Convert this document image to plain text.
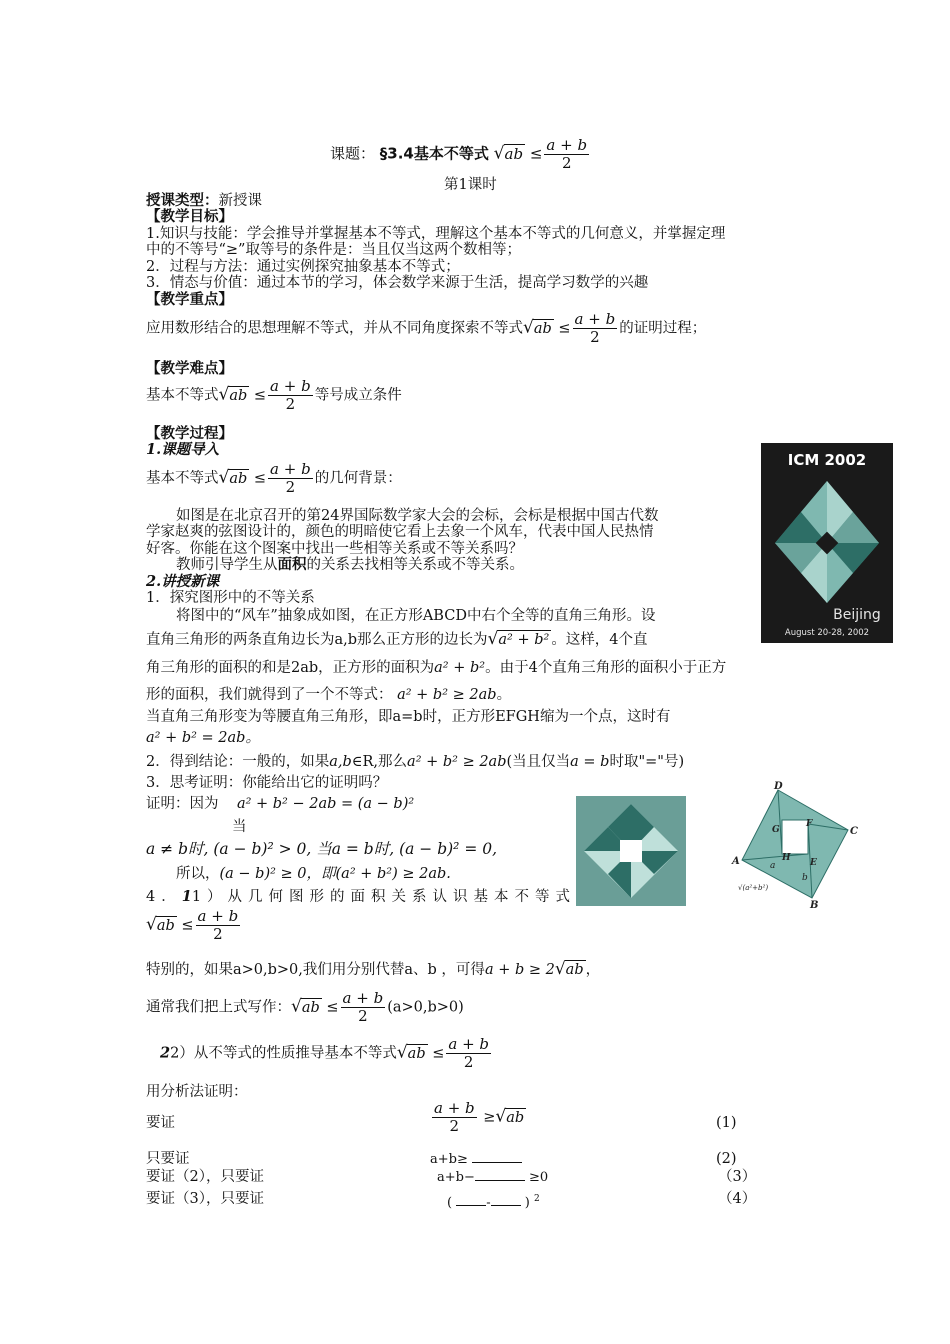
课题： §3.4基本不等式 $√ab \le \frac{a + b}{2}$
第1课时
授课类型：新授课
【教学目标】
1.知识与技能：学会推导并掌握基本不等式，理解这个基本不等式的几何意义，并掌握定理
中的不等号“≥”取等号的条件是：当且仅当这两个数相等；
2．过程与方法：通过实例探究抽象基本不等式；
3．情态与价值：通过本节的学习，体会数学来源于生活，提高学习数学的兴趣
【教学重点】
应用数形结合的思想理解不等式，并从不同角度探索不等式$√ab \le \frac{a + b}{2}$ 的证明过程；
【教学难点】
基本不等式$√ab \le \frac{a + b}{2}$ 等号成立条件
【教学过程】
1.课题导入
基本不等式$√ab \le \frac{a + b}{2}$ 的几何背景：
如图是在北京召开的第24界国际数学家大会的会标，会标是根据中国古代数
学家赵爽的弦图设计的，颜色的明暗使它看上去象一个风车，代表中国人民热情
好客。你能在这个图案中找出一些相等关系或不等关系吗？
教师引导学生从面积的关系去找相等关系或不等关系。
2.讲授新课
1．探究图形中的不等关系
将图中的“风车”抽象成如图，在正方形ABCD中右个全等的直角三角形。设
直角三角形的两条直角边长为a,b那么正方形的边长为√a² + b² 。这样，4个直
角三角形的面积的和是2ab，正方形的面积为a² + b²。由于4个直角三角形的面积小于正方
形的面积，我们就得到了一个不等式： a² + b² ≥ 2ab。
当直角三角形变为等腰直角三角形，即a=b时，正方形EFGH缩为一个点，这时有
a² + b² = 2ab。
2．得到结论：一般的，如果a,b∈R,那么a² + b² ≥ 2ab(当且仅当a = b时取"="号)
3．思考证明：你能给出它的证明吗？
证明：因为 a² + b² − 2ab = (a − b)²
当
a ≠ b时, (a − b)² > 0, 当a = b时, (a − b)² = 0,
所以，(a − b)² ≥ 0，即(a² + b²) ≥ 2ab.
4．11）从几何图形的面积关系认识基本不等式
$√ab \le \frac{a + b}{2}$
特别的，如果a>0,b>0,我们用分别代替a、b ，可得a + b ≥ 2√ab ，
通常我们把上式写作：$√ab \le \frac{a + b}{2} (a>0,b>0)$
22）从不等式的性质推导基本不等式$√ab \le \frac{a + b}{2}$
用分析法证明：
要证	$\frac{a + b}{2} \ge√ab$	(1)
只要证	a+b≥	(2)
要证（2），只要证	a+b−	≥0	（3）
要证（3），只要证	( - ) $^2$	（4）
ICM 2002
Beijing
August 20-28, 2002
D
C
B
A	E
F
G
H
a
b
√(a²+b²)
